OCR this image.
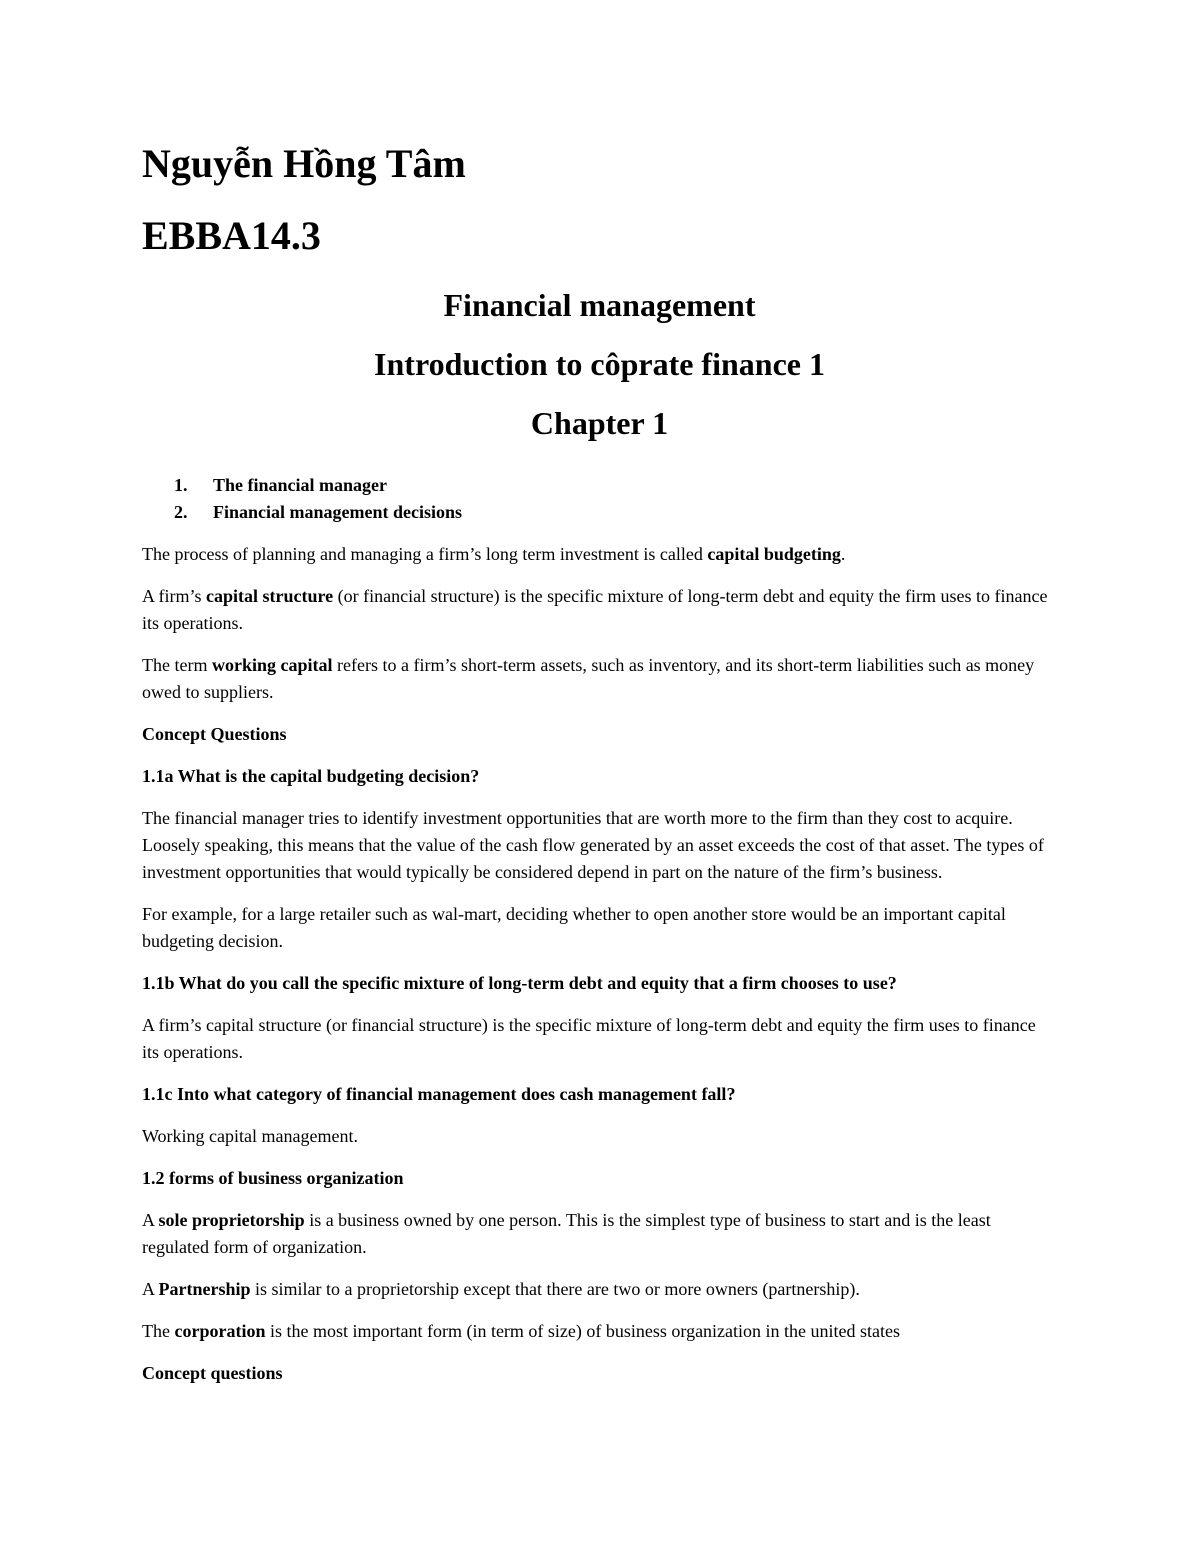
Nguyễn Hồng Tâm
EBBA14.3
Financial management
Introduction to côprate finance 1
Chapter 1
1.	The financial manager
2.	Financial management decisions

The process of planning and managing a firm’s long term investment is called capital budgeting.

A firm’s capital structure (or financial structure) is the specific mixture of long-term debt and equity the firm uses to finance its operations.

The term working capital refers to a firm’s short-term assets, such as inventory, and its short-term liabilities such as money owed to suppliers.

Concept Questions

1.1a What is the capital budgeting decision?

The financial manager tries to identify investment opportunities that are worth more to the firm than they cost to acquire. Loosely speaking, this means that the value of the cash flow generated by an asset exceeds the cost of that asset. The types of investment opportunities that would typically be considered depend in part on the nature of the firm’s business.

For example, for a large retailer such as wal-mart, deciding whether to open another store would be an important capital budgeting decision.

1.1b What do you call the specific mixture of long-term debt and equity that a firm chooses to use?

A firm’s capital structure (or financial structure) is the specific mixture of long-term debt and equity the firm uses to finance its operations.

1.1c Into what category of financial management does cash management fall?

Working capital management.

1.2 forms of business organization

A sole proprietorship is a business owned by one person. This is the simplest type of business to start and is the least regulated form of organization.

A Partnership is similar to a proprietorship except that there are two or more owners (partnership).

The corporation is the most important form (in term of size) of business organization in the united states

Concept questions
